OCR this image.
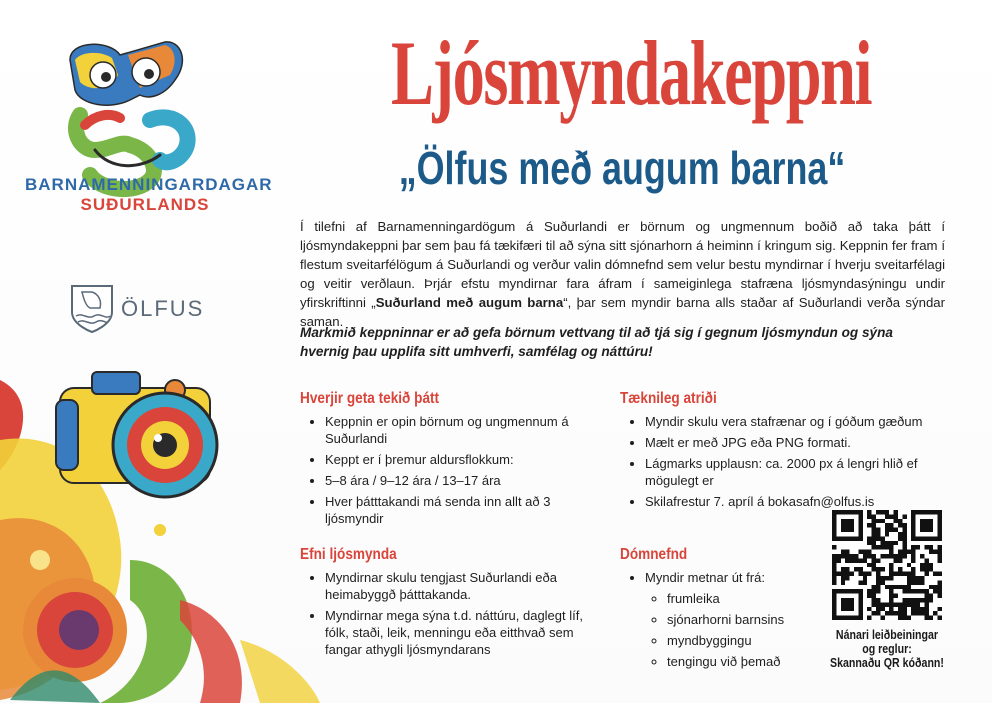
BARNAMENNINGARDAGAR
SUÐURLANDS
ÖLFUS
Ljósmyndakeppni
„Ölfus með augum barna“
Í tilefni af Barnamenningardögum á Suðurlandi er börnum og ungmennum boðið að taka þátt í ljósmyndakeppni þar sem þau fá tækifæri til að sýna sitt sjónarhorn á heiminn í kringum sig. Keppnin fer fram í flestum sveitarfélögum á Suðurlandi og verður valin dómnefnd sem velur bestu myndirnar í hverju sveitarfélagi og veitir verðlaun. Þrjár efstu myndirnar fara áfram í sameiginlega stafræna ljósmyndasýningu undir yfirskriftinni „Suðurland með augum barna“, þar sem myndir barna alls staðar af Suðurlandi verða sýndar saman.
Markmið keppninnar er að gefa börnum vettvang til að tjá sig í gegnum ljósmyndun og sýna hvernig þau upplifa sitt umhverfi, samfélag og náttúru!
Hverjir geta tekið þátt
• Keppnin er opin börnum og ungmennum á Suðurlandi
• Keppt er í þremur aldursflokkum:
• 5–8 ára / 9–12 ára / 13–17 ára
• Hver þátttakandi má senda inn allt að 3 ljósmyndir
Tæknileg atriði
• Myndir skulu vera stafrænar og í góðum gæðum
• Mælt er með JPG eða PNG formati.
• Lágmarks upplausn: ca. 2000 px á lengri hlið ef mögulegt er
• Skilafrestur 7. apríl á bokasafn@olfus.is
Efni ljósmynda
• Myndirnar skulu tengjast Suðurlandi eða heimabyggð þátttakanda.
• Myndirnar mega sýna t.d. náttúru, daglegt líf, fólk, staði, leik, menningu eða eitthvað sem fangar athygli ljósmyndarans
Dómnefnd
• Myndir metnar út frá:
◦ frumleika
◦ sjónarhorni barnsins
◦ myndbyggingu
◦ tengingu við þemað
Nánari leiðbeiningar
og reglur:
Skannaðu QR kóðann!
